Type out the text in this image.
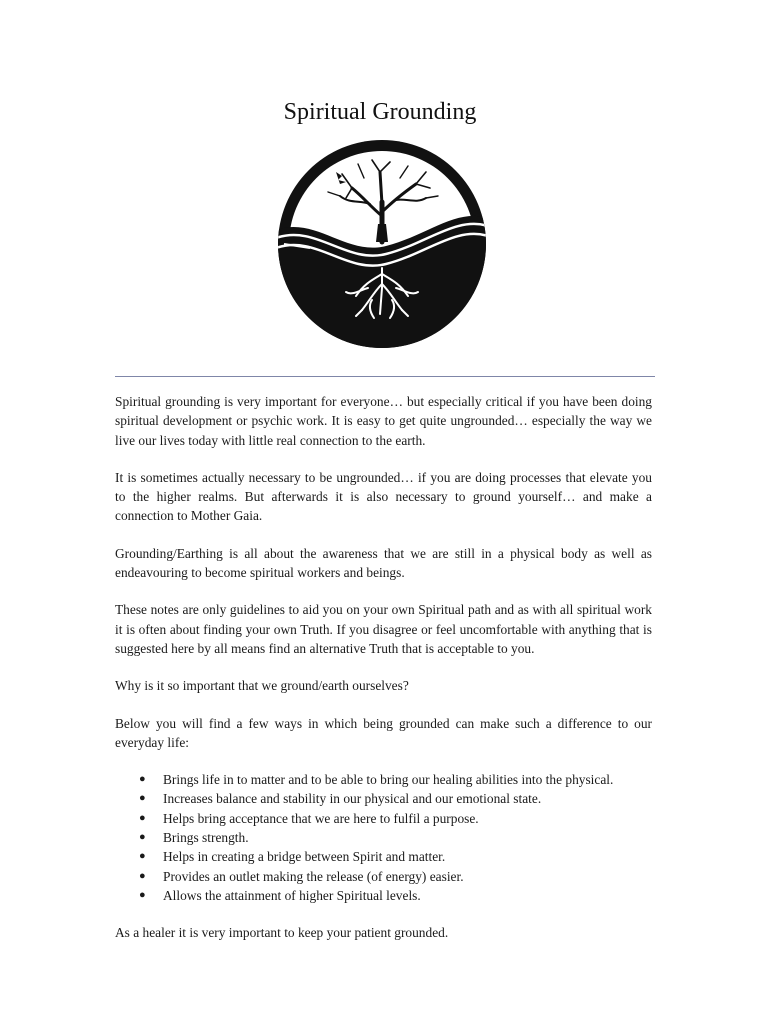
Spiritual Grounding

Spiritual grounding is very important for everyone… but especially critical if you have been doing spiritual development or psychic work. It is easy to get quite ungrounded… especially the way we live our lives today with little real connection to the earth.

It is sometimes actually necessary to be ungrounded… if you are doing processes that elevate you to the higher realms. But afterwards it is also necessary to ground yourself… and make a connection to Mother Gaia.

Grounding/Earthing is all about the awareness that we are still in a physical body as well as endeavouring to become spiritual workers and beings.

These notes are only guidelines to aid you on your own Spiritual path and as with all spiritual work it is often about finding your own Truth. If you disagree or feel uncomfortable with anything that is suggested here by all means find an alternative Truth that is acceptable to you.

Why is it so important that we ground/earth ourselves?

Below you will find a few ways in which being grounded can make such a difference to our everyday life:

● Brings life in to matter and to be able to bring our healing abilities into the physical.
● Increases balance and stability in our physical and our emotional state.
● Helps bring acceptance that we are here to fulfil a purpose.
● Brings strength.
● Helps in creating a bridge between Spirit and matter.
● Provides an outlet making the release (of energy) easier.
● Allows the attainment of higher Spiritual levels.

As a healer it is very important to keep your patient grounded.
